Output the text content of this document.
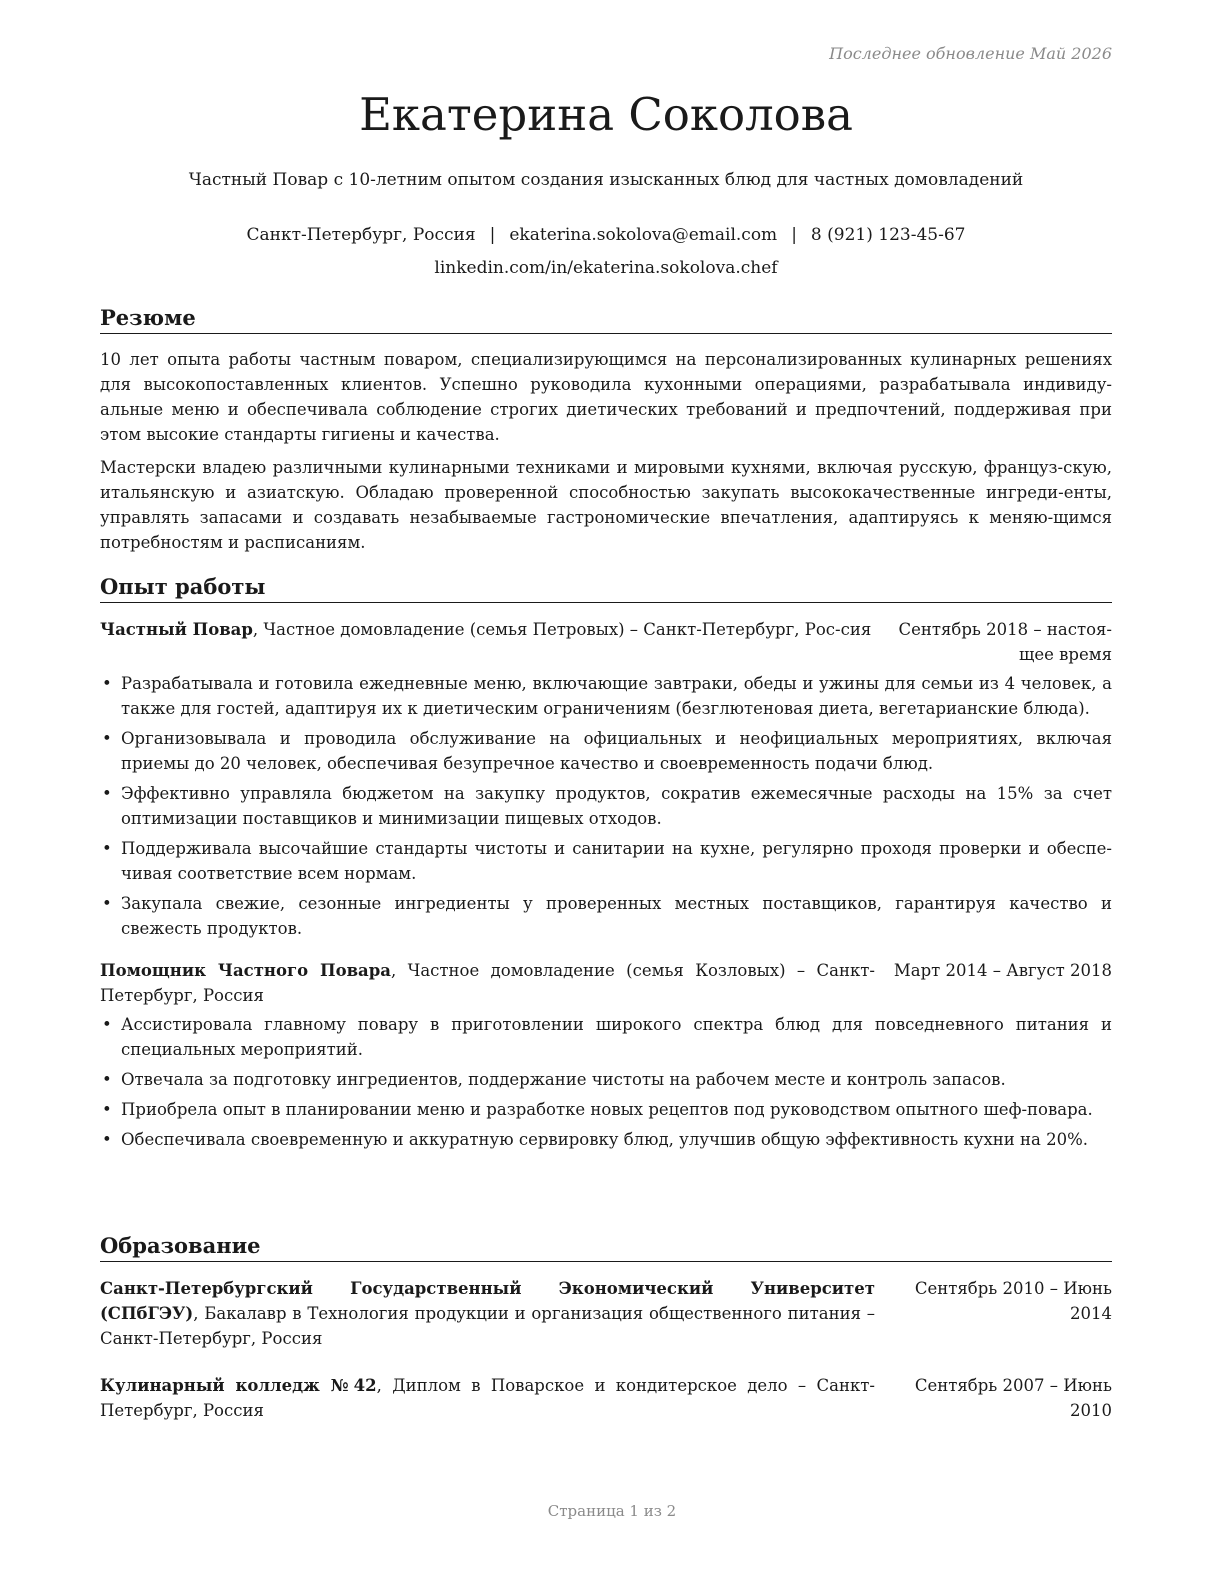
Последнее обновление Май 2026
Екатерина Соколова
Частный Повар с 10-летним опытом создания изысканных блюд для частных домовладений
Санкт-Петербург, Россия | ekaterina.sokolova@email.com | 8 (921) 123-45-67
linkedin.com/in/ekaterina.sokolova.chef
Резюме

10 лет опыта работы частным поваром, специализирующимся на персонализированных кулинарных решениях для высокопоставленных клиентов. Успешно руководила кухонными операциями, разрабатывала индивиду-альные меню и обеспечивала соблюдение строгих диетических требований и предпочтений, поддерживая при этом высокие стандарты гигиены и качества.

Мастерски владею различными кулинарными техниками и мировыми кухнями, включая русскую, француз-скую, итальянскую и азиатскую. Обладаю проверенной способностью закупать высококачественные ингреди-енты, управлять запасами и создавать незабываемые гастрономические впечатления, адаптируясь к меняю-щимся потребностям и расписаниям.

Опыт работы
Частный Повар, Частное домовладение (семья Петровых) – Санкт-Петербург, Рос-сия	Сентябрь 2018 – настоя-щее время
• Разрабатывала и готовила ежедневные меню, включающие завтраки, обеды и ужины для семьи из 4 человек, а также для гостей, адаптируя их к диетическим ограничениям (безглютеновая диета, вегетарианские блюда).
• Организовывала и проводила обслуживание на официальных и неофициальных мероприятиях, включая приемы до 20 человек, обеспечивая безупречное качество и своевременность подачи блюд.
• Эффективно управляла бюджетом на закупку продуктов, сократив ежемесячные расходы на 15% за счет оптимизации поставщиков и минимизации пищевых отходов.
• Поддерживала высочайшие стандарты чистоты и санитарии на кухне, регулярно проходя проверки и обеспе-чивая соответствие всем нормам.
• Закупала свежие, сезонные ингредиенты у проверенных местных поставщиков, гарантируя качество и свежесть продуктов.
Помощник Частного Повара, Частное домовладение (семья Козловых) – Санкт-Петербург, Россия
Март 2014 – Август 2018
• Ассистировала главному повару в приготовлении широкого спектра блюд для повседневного питания и специальных мероприятий.
• Отвечала за подготовку ингредиентов, поддержание чистоты на рабочем месте и контроль запасов.
• Приобрела опыт в планировании меню и разработке новых рецептов под руководством опытного шеф-повара.
• Обеспечивала своевременную и аккуратную сервировку блюд, улучшив общую эффективность кухни на 20%.
Образование
Санкт-Петербургский Государственный Экономический Университет (СПбГЭУ), Бакалавр в Технология продукции и организация общественного питания – Санкт-Петербург, Россия
Сентябрь 2010 – Июнь 2014
Кулинарный колледж №42, Диплом в Поварское и кондитерское дело – Санкт-Петербург, Россия
Сентябрь 2007 – Июнь 2010
Страница 1 из 2
